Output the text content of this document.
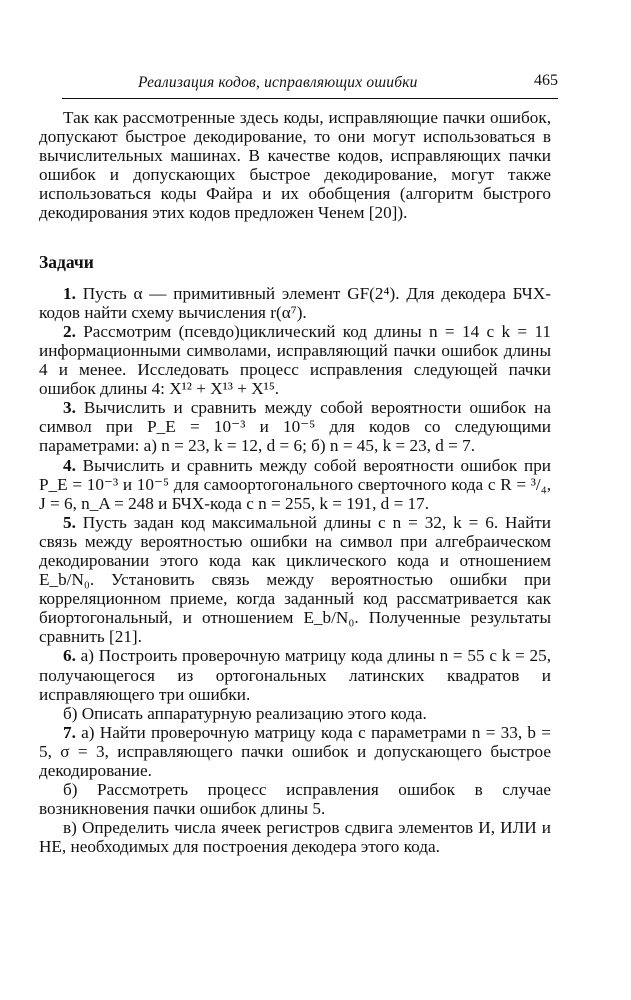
Реализация кодов, исправляющих ошибки	465

Так как рассмотренные здесь коды, исправляющие пачки ошибок, допускают быстрое декодирование, то они могут использоваться в вычислительных машинах. В качестве кодов, исправляющих пачки ошибок и допускающих быстрое декодирование, могут также использоваться коды Файра и их обобщения (алгоритм быстрого декодирования этих кодов предложен Ченем [20]).

Задачи

1. Пусть α — примитивный элемент GF(2⁴). Для декодера БЧХ-кодов найти схему вычисления r(α⁷).

2. Рассмотрим (псевдо)циклический код длины n = 14 с k = 11 информационными символами, исправляющий пачки ошибок длины 4 и менее. Исследовать процесс исправления следующей пачки ошибок длины 4: X¹² + X¹³ + X¹⁵.

3. Вычислить и сравнить между собой вероятности ошибок на символ при P_E = 10⁻³ и 10⁻⁵ для кодов со следующими параметрами: а) n = 23, k = 12, d = 6; б) n = 45, k = 23, d = 7.

4. Вычислить и сравнить между собой вероятности ошибок при P_E = 10⁻³ и 10⁻⁵ для самоортогонального сверточного кода с R = ³/₄, J = 6, n_A = 248 и БЧХ-кода с n = 255, k = 191, d = 17.

5. Пусть задан код максимальной длины с n = 32, k = 6. Найти связь между вероятностью ошибки на символ при алгебраическом декодировании этого кода как циклического кода и отношением E_b/N₀. Установить связь между вероятностью ошибки при корреляционном приеме, когда заданный код рассматривается как биортогональный, и отношением E_b/N₀. Полученные результаты сравнить [21].

6. а) Построить проверочную матрицу кода длины n = 55 с k = 25, получающегося из ортогональных латинских квадратов и исправляющего три ошибки.

б) Описать аппаратурную реализацию этого кода.

7. а) Найти проверочную матрицу кода с параметрами n = 33, b = 5, σ = 3, исправляющего пачки ошибок и допускающего быстрое декодирование.

б) Рассмотреть процесс исправления ошибок в случае возникновения пачки ошибок длины 5.

в) Определить числа ячеек регистров сдвига элементов И, ИЛИ и НЕ, необходимых для построения декодера этого кода.
